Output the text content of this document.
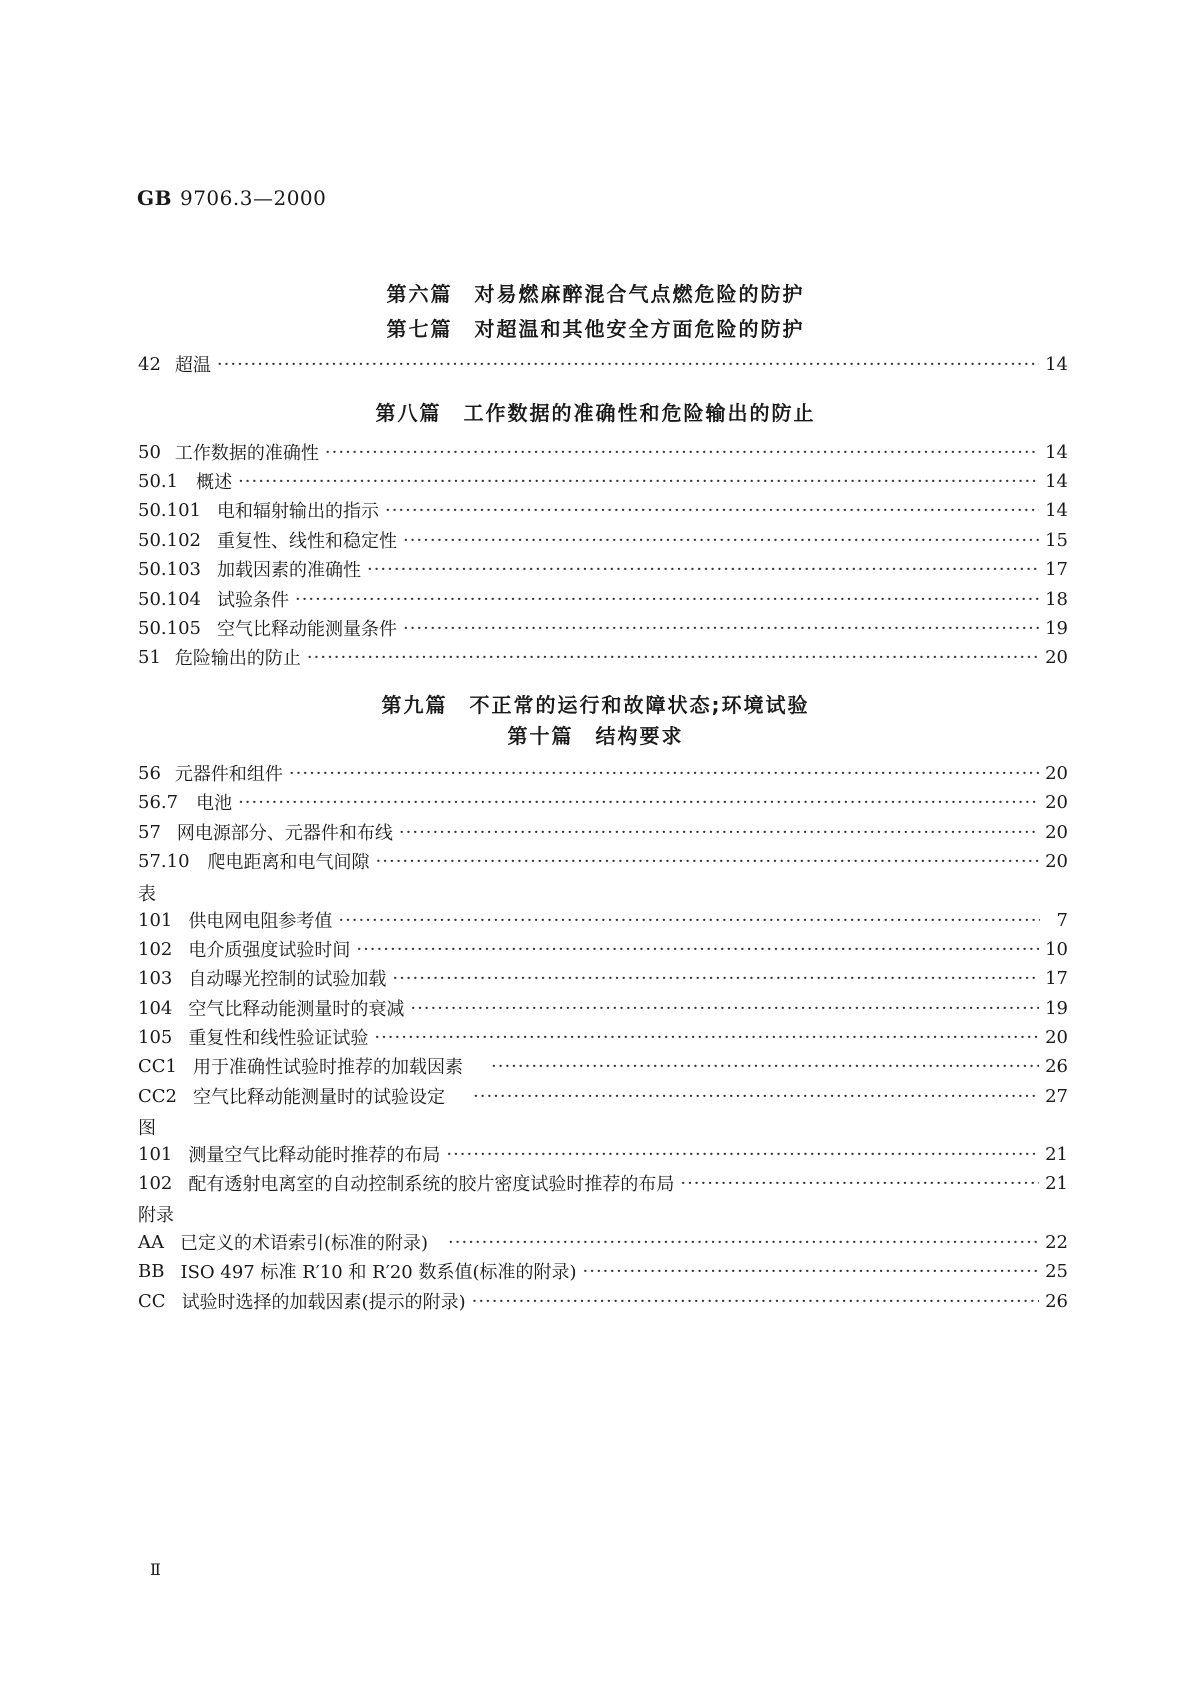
GB 9706.3—2000
第六篇　对易燃麻醉混合气点燃危险的防护
第七篇　对超温和其他安全方面危险的防护
42 超温 ·····	14
第八篇　工作数据的准确性和危险输出的防止
50 工作数据的准确性 ·····	14
50.1 概述 ·····	14
50.101 电和辐射输出的指示 ·····	14
50.102 重复性、线性和稳定性 ·····	15
50.103 加载因素的准确性 ·····	17
50.104 试验条件 ·····	18
50.105 空气比释动能测量条件 ·····	19
51 危险输出的防止 ·····	20
第九篇　不正常的运行和故障状态;环境试验
第十篇　结构要求
56 元器件和组件 ·····	20
56.7 电池 ·····	20
57 网电源部分、元器件和布线 ·····	20
57.10 爬电距离和电气间隙 ·····	20
表
101 供电网电阻参考值 ·····	7
102 电介质强度试验时间 ·····	10
103 自动曝光控制的试验加载 ·····	17
104 空气比释动能测量时的衰减 ·····	19
105 重复性和线性验证试验 ·····	20
CC1 用于准确性试验时推荐的加载因素 ·····	26
CC2 空气比释动能测量时的试验设定 ·····	27
图
101 测量空气比释动能时推荐的布局 ·····	21
102 配有透射电离室的自动控制系统的胶片密度试验时推荐的布局 ·····	21
附录
AA 已定义的术语索引(标准的附录) ·····	22
BB ISO 497 标准 R′10 和 R′20 数系值(标准的附录) ·····	25
CC 试验时选择的加载因素(提示的附录) ·····	26
Ⅱ
